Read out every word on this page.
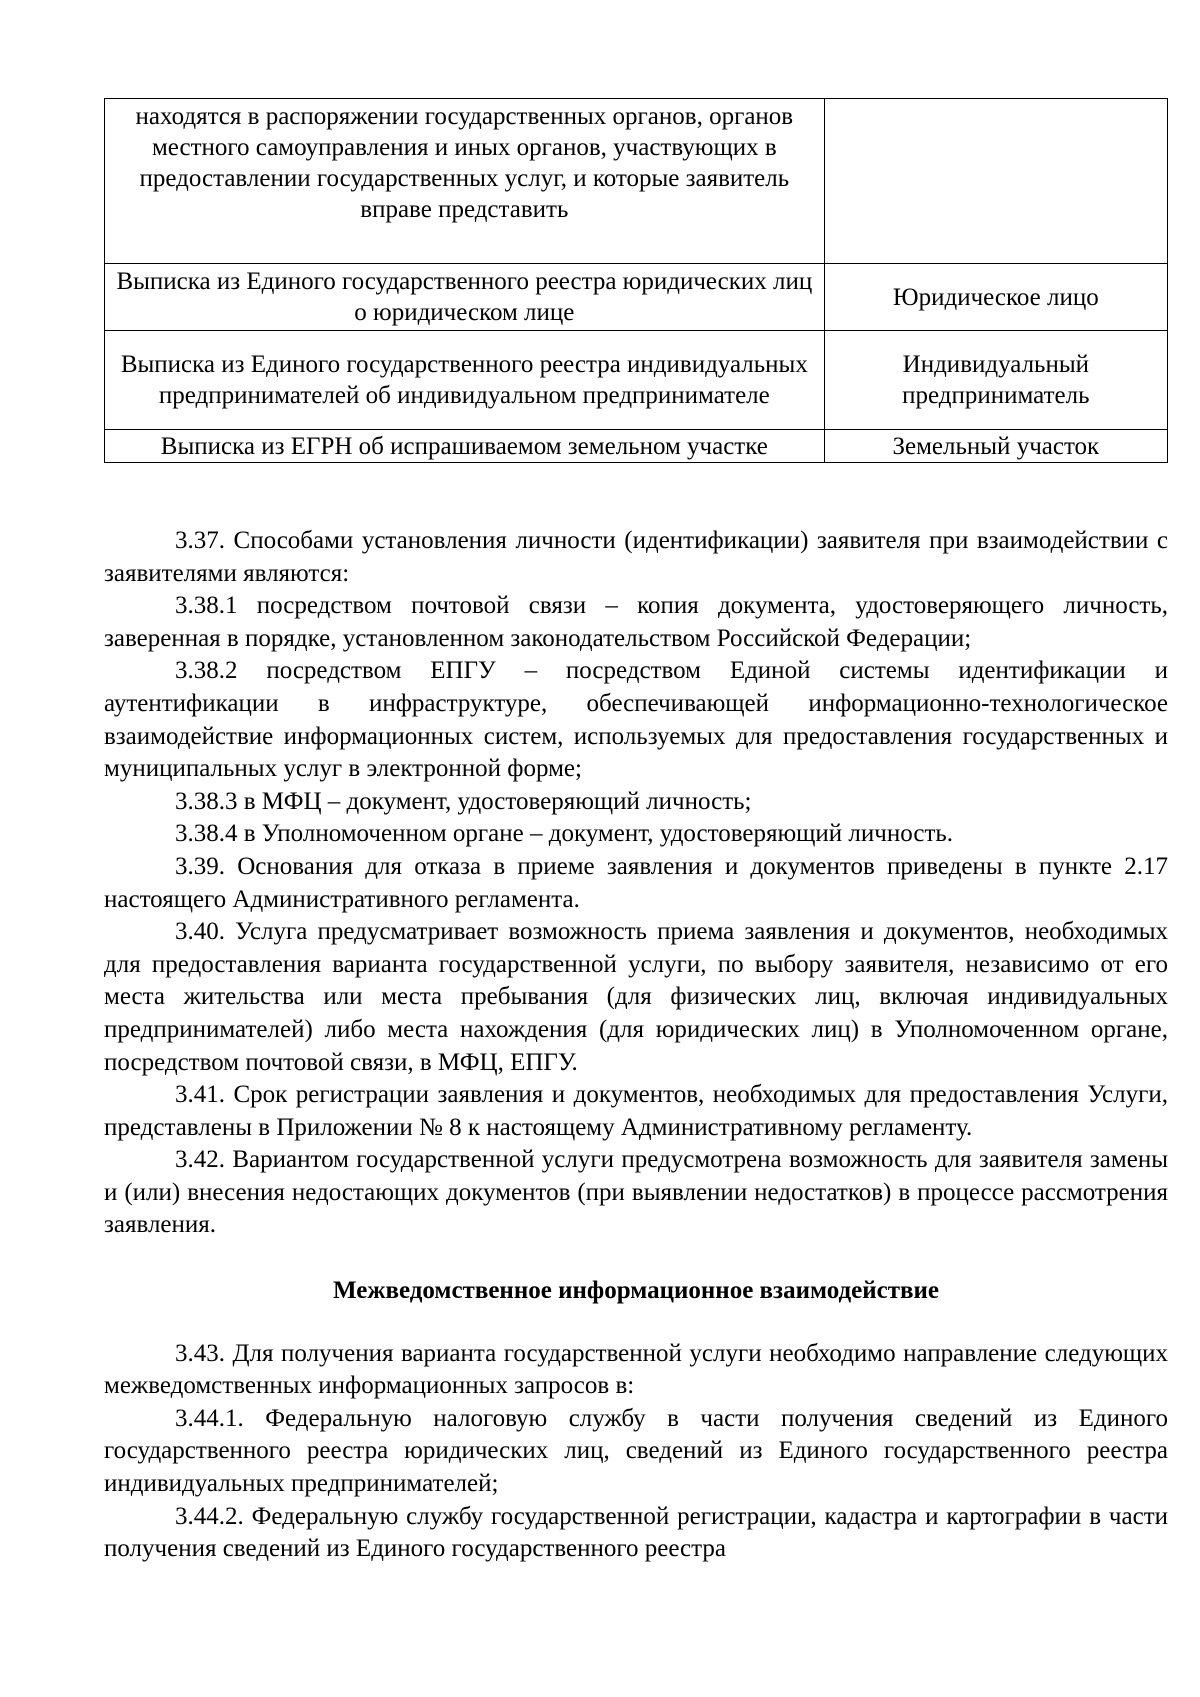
находятся в распоряжении государственных органов, органов местного самоуправления и иных органов, участвующих в предоставлении государственных услуг, и которые заявитель вправе представить	
Выписка из Единого государственного реестра юридических лиц о юридическом лице	Юридическое лицо
Выписка из Единого государственного реестра индивидуальных предпринимателей об индивидуальном предпринимателе	Индивидуальный предприниматель
Выписка из ЕГРН об испрашиваемом земельном участке	Земельный участок

3.37. Способами установления личности (идентификации) заявителя при взаимодействии с заявителями являются:

3.38.1 посредством почтовой связи – копия документа, удостоверяющего личность, заверенная в порядке, установленном законодательством Российской Федерации;

3.38.2 посредством ЕПГУ – посредством Единой системы идентификации и аутентификации в инфраструктуре, обеспечивающей информационно-технологическое взаимодействие информационных систем, используемых для предоставления государственных и муниципальных услуг в электронной форме;

3.38.3 в МФЦ – документ, удостоверяющий личность;

3.38.4 в Уполномоченном органе – документ, удостоверяющий личность.

3.39. Основания для отказа в приеме заявления и документов приведены в пункте 2.17 настоящего Административного регламента.

3.40. Услуга предусматривает возможность приема заявления и документов, необходимых для предоставления варианта государственной услуги, по выбору заявителя, независимо от его места жительства или места пребывания (для физических лиц, включая индивидуальных предпринимателей) либо места нахождения (для юридических лиц) в Уполномоченном органе, посредством почтовой связи, в МФЦ, ЕПГУ.

3.41. Срок регистрации заявления и документов, необходимых для предоставления Услуги, представлены в Приложении № 8 к настоящему Административному регламенту.

3.42. Вариантом государственной услуги предусмотрена возможность для заявителя замены и (или) внесения недостающих документов (при выявлении недостатков) в процессе рассмотрения заявления.

Межведомственное информационное взаимодействие

3.43. Для получения варианта государственной услуги необходимо направление следующих межведомственных информационных запросов в:

3.44.1. Федеральную налоговую службу в части получения сведений из Единого государственного реестра юридических лиц, сведений из Единого государственного реестра индивидуальных предпринимателей;

3.44.2. Федеральную службу государственной регистрации, кадастра и картографии в части получения сведений из Единого государственного реестра
